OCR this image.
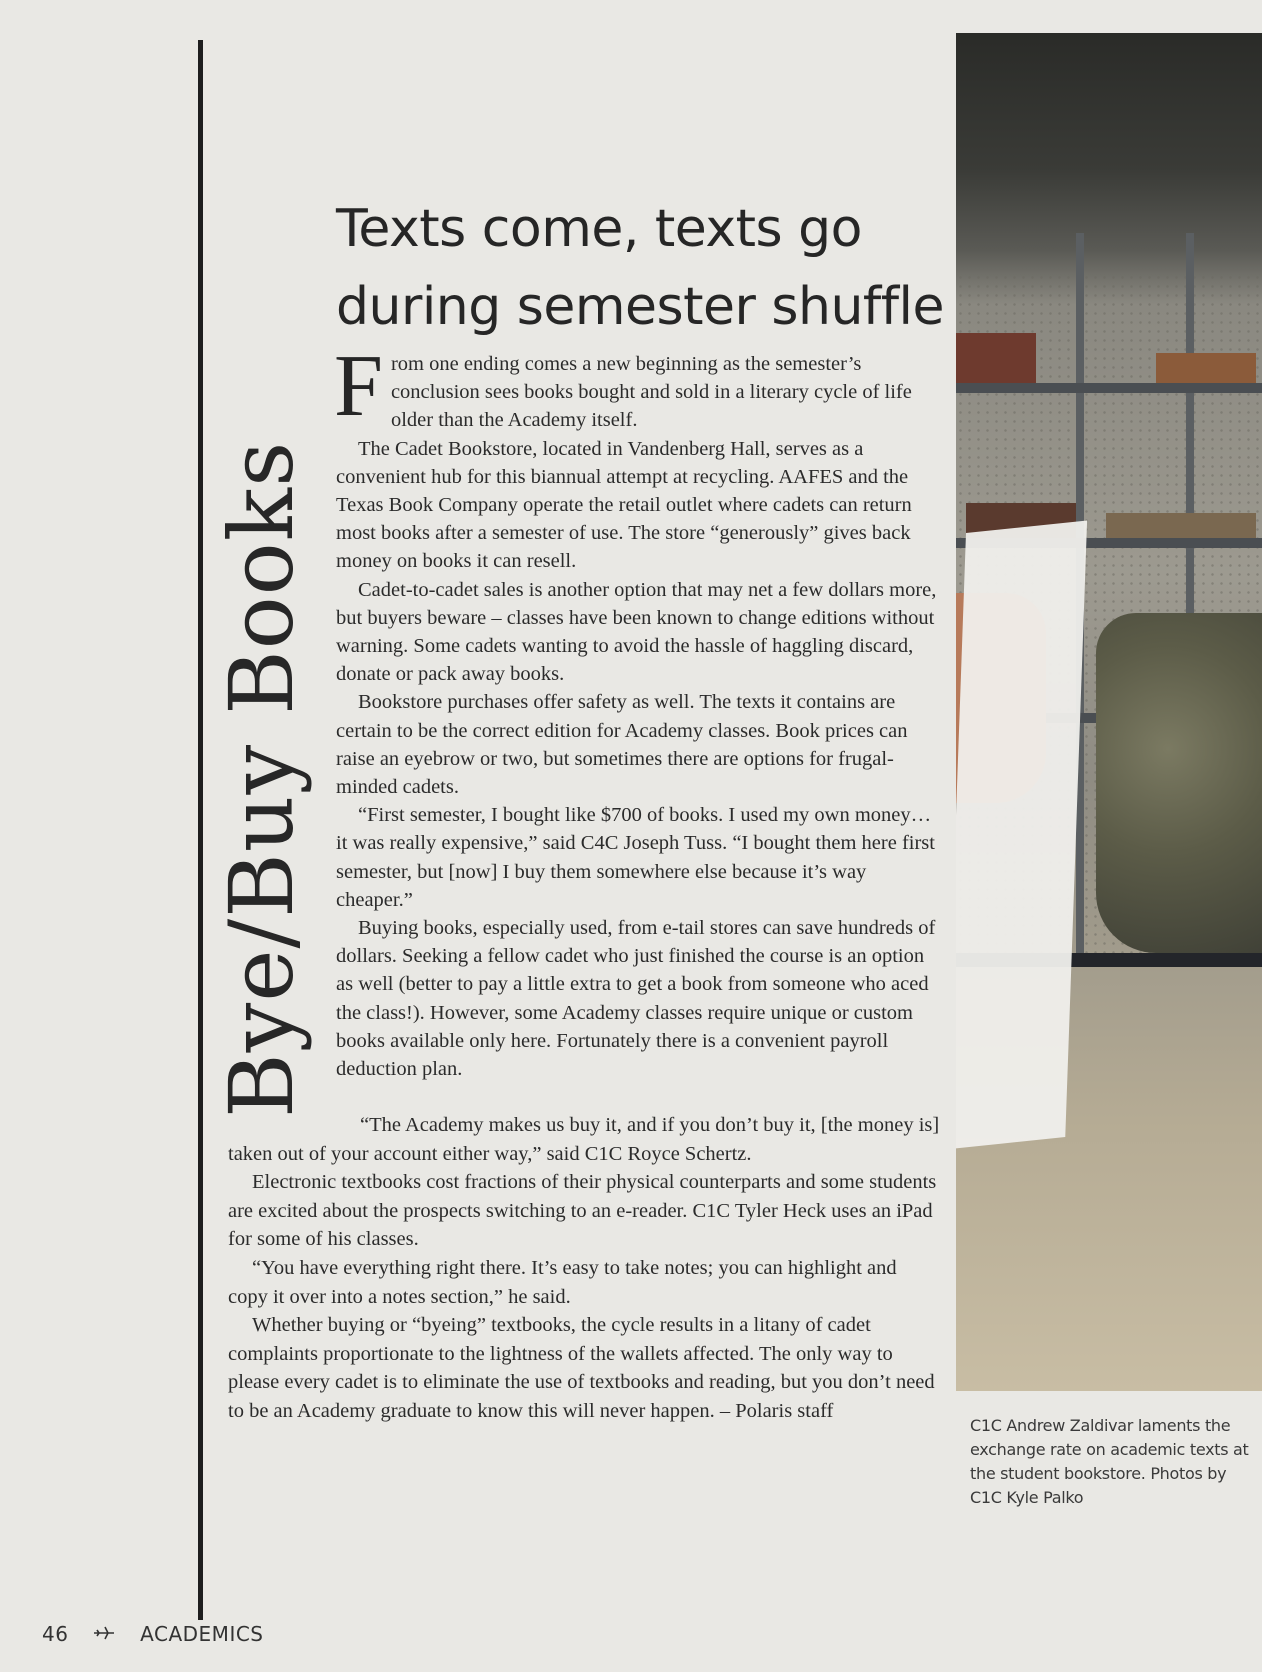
Bye/Buy Books
Texts come, texts go
during semester shuffle

From one ending comes a new beginning as the semester’s conclusion sees books bought and sold in a literary cycle of life older than the Academy itself.

The Cadet Bookstore, located in Vandenberg Hall, serves as a convenient hub for this biannual attempt at recycling. AAFES and the Texas Book Company operate the retail outlet where cadets can return most books after a semester of use. The store “generously” gives back money on books it can resell.

Cadet-to-cadet sales is another option that may net a few dollars more, but buyers beware – classes have been known to change editions without warning. Some cadets wanting to avoid the hassle of haggling discard, donate or pack away books.

Bookstore purchases offer safety as well. The texts it contains are certain to be the correct edition for Academy classes. Book prices can raise an eyebrow or two, but sometimes there are options for frugal-minded cadets.

“First semester, I bought like $700 of books. I used my own money… it was really expensive,” said C4C Joseph Tuss. “I bought them here first semester, but [now] I buy them somewhere else because it’s way cheaper.”

Buying books, especially used, from e-tail stores can save hundreds of dollars. Seeking a fellow cadet who just finished the course is an option as well (better to pay a little extra to get a book from someone who aced the class!). However, some Academy classes require unique or custom books available only here. Fortunately there is a convenient payroll deduction plan.

“The Academy makes us buy it, and if you don’t buy it, [the money is] taken out of your account either way,” said C1C Royce Schertz.

Electronic textbooks cost fractions of their physical counterparts and some students are excited about the prospects switching to an e-reader. C1C Tyler Heck uses an iPad for some of his classes.

“You have everything right there. It’s easy to take notes; you can highlight and copy it over into a notes section,” he said.

Whether buying or “byeing” textbooks, the cycle results in a litany of cadet complaints proportionate to the lightness of the wallets affected. The only way to please every cadet is to eliminate the use of textbooks and reading, but you don’t need to be an Academy graduate to know this will never happen. – Polaris staff

C1C Andrew Zaldivar laments the exchange rate on academic texts at the student bookstore. Photos by C1C Kyle Palko
46	ACADEMICS
